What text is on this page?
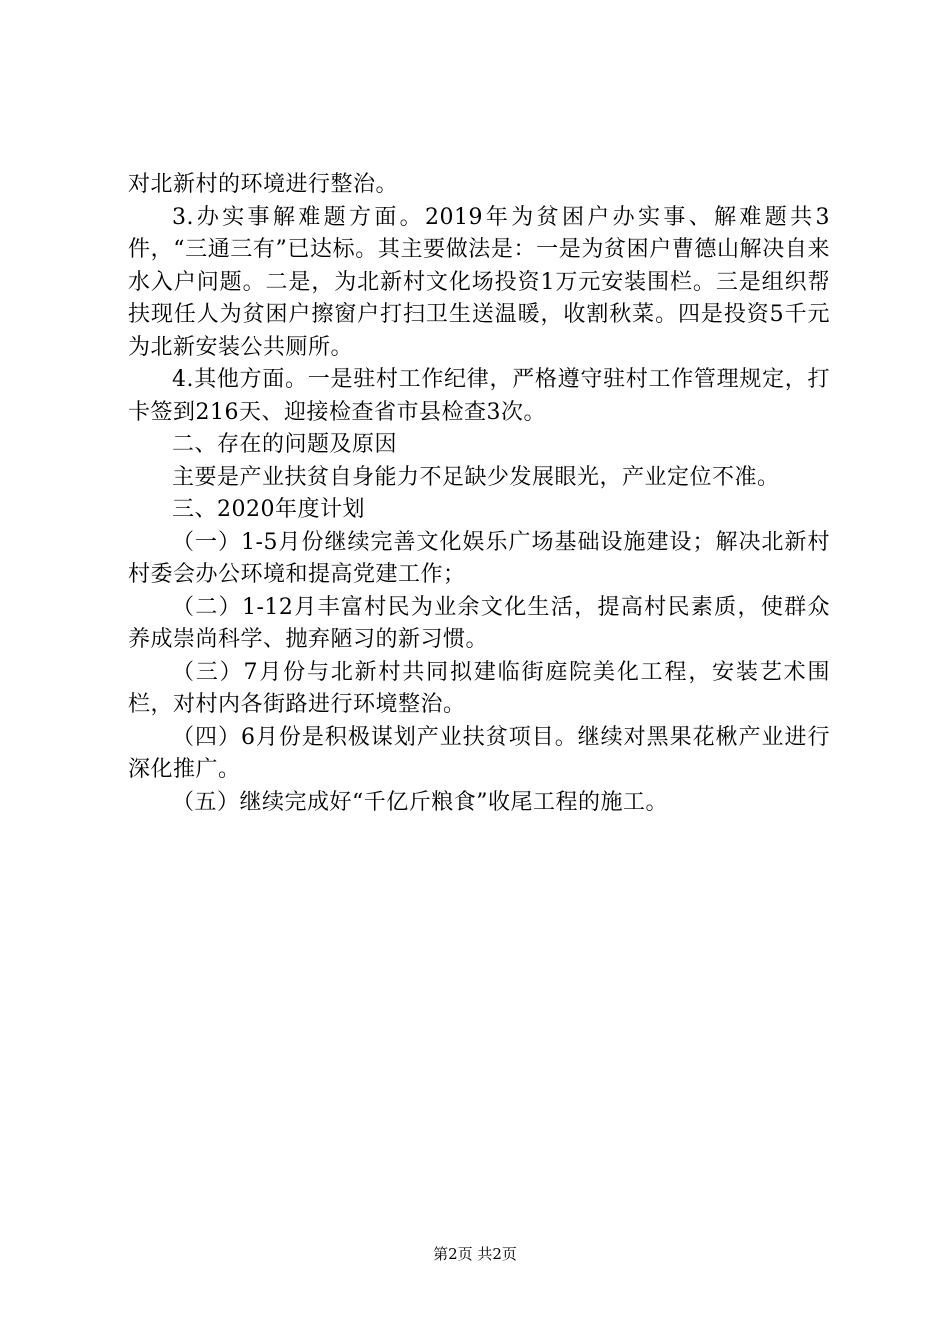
对北新村的环境进行整治。

3.办实事解难题方面。2019年为贫困户办实事、解难题共3件，“三通三有”已达标。其主要做法是：一是为贫困户曹德山解决自来水入户问题。二是，为北新村文化场投资1万元安装围栏。三是组织帮扶现任人为贫困户擦窗户打扫卫生送温暖，收割秋菜。四是投资5千元为北新安装公共厕所。

4.其他方面。一是驻村工作纪律，严格遵守驻村工作管理规定，打卡签到216天、迎接检查省市县检查3次。

二、存在的问题及原因

主要是产业扶贫自身能力不足缺少发展眼光，产业定位不准。

三、2020年度计划

（一）1-5月份继续完善文化娱乐广场基础设施建设；解决北新村村委会办公环境和提高党建工作；

（二）1-12月丰富村民为业余文化生活，提高村民素质，使群众养成崇尚科学、抛弃陋习的新习惯。

（三）7月份与北新村共同拟建临街庭院美化工程，安装艺术围栏，对村内各街路进行环境整治。

（四）6月份是积极谋划产业扶贫项目。继续对黑果花楸产业进行深化推广。

（五）继续完成好“千亿斤粮食”收尾工程的施工。

第2页 共2页
